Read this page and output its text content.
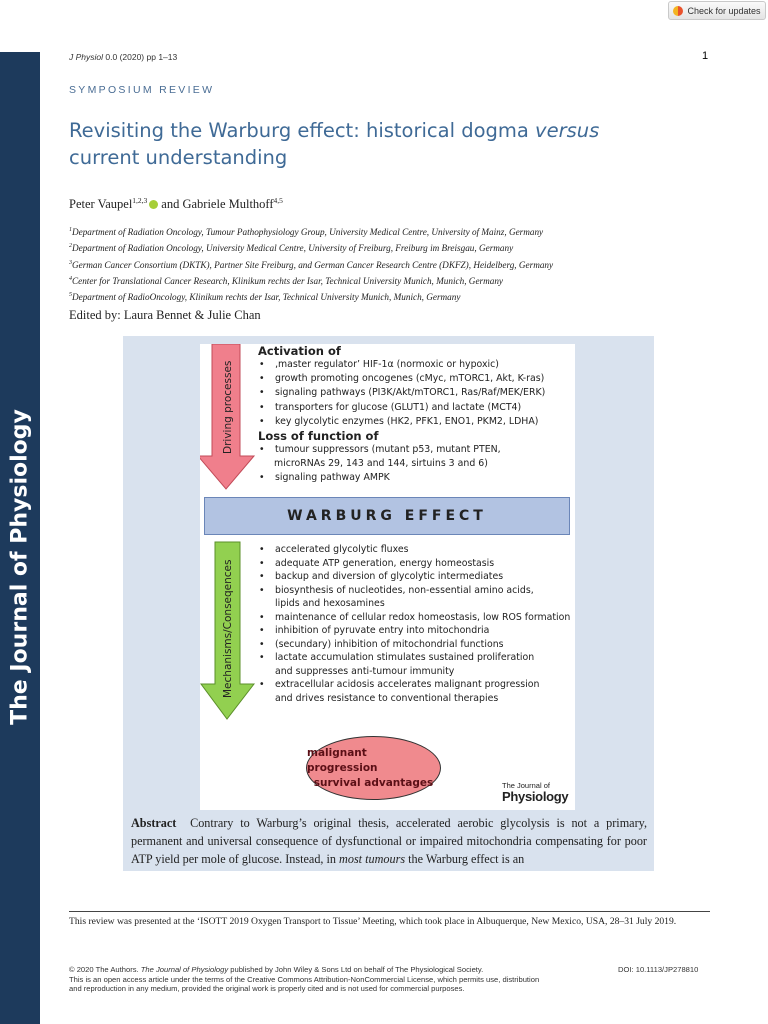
The Journal of Physiology
Check for updates
J Physiol 0.0 (2020) pp 1–13	1
SYMPOSIUM REVIEW
Revisiting the Warburg effect: historical dogma versus
current understanding
Peter Vaupel$^{1,2,3}$ and Gabriele Multhoff$^{4,5}$
$^1$Department of Radiation Oncology, Tumour Pathophysiology Group, University Medical Centre, University of Mainz, Germany
$^2$Department of Radiation Oncology, University Medical Centre, University of Freiburg, Freiburg im Breisgau, Germany
$^3$German Cancer Consortium (DKTK), Partner Site Freiburg, and German Cancer Research Centre (DKFZ), Heidelberg, Germany
$^4$Center for Translational Cancer Research, Klinikum rechts der Isar, Technical University Munich, Munich, Germany
$^5$Department of RadioOncology, Klinikum rechts der Isar, Technical University Munich, Munich, Germany
Edited by: Laura Bennet & Julie Chan
Driving processes
Mechanisms/Conseqences
Activation of
• ‚master regulator’ HIF-1α (normoxic or hypoxic)
• growth promoting oncogenes (cMyc, mTORC1, Akt, K-ras)
• signaling pathways (PI3K/Akt/mTORC1, Ras/Raf/MEK/ERK)
• transporters for glucose (GLUT1) and lactate (MCT4)
• key glycolytic enzymes (HK2, PFK1, ENO1, PKM2, LDHA)
Loss of function of
• tumour suppressors (mutant p53, mutant PTEN,
microRNAs 29, 143 and 144, sirtuins 3 and 6)
• signaling pathway AMPK
WARBURG EFFECT
• accelerated glycolytic fluxes
• adequate ATP generation, energy homeostasis
• backup and diversion of glycolytic intermediates
• biosynthesis of nucleotides, non-essential amino acids,
lipids and hexosamines
• maintenance of cellular redox homeostasis, low ROS formation
• inhibition of pyruvate entry into mitochondria
• (secundary) inhibition of mitochondrial functions
• lactate accumulation stimulates sustained proliferation
and suppresses anti-tumour immunity
• extracellular acidosis accelerates malignant progression
and drives resistance to conventional therapies
malignant progression
survival advantages	The Journal of
Physiology

Abstract Contrary to Warburg’s original thesis, accelerated aerobic glycolysis is not a primary, permanent and universal consequence of dysfunctional or impaired mitochondria compensating for poor ATP yield per mole of glucose. Instead, in most tumours the Warburg effect is an

This review was presented at the ‘ISOTT 2019 Oxygen Transport to Tissue’ Meeting, which took place in Albuquerque, New Mexico, USA, 28–31 July 2019.
© 2020 The Authors. The Journal of Physiology published by John Wiley & Sons Ltd on behalf of The Physiological Society.
This is an open access article under the terms of the Creative Commons Attribution-NonCommercial License, which permits use, distribution and reproduction in any medium, provided the original work is properly cited and is not used for commercial purposes.
DOI: 10.1113/JP278810
